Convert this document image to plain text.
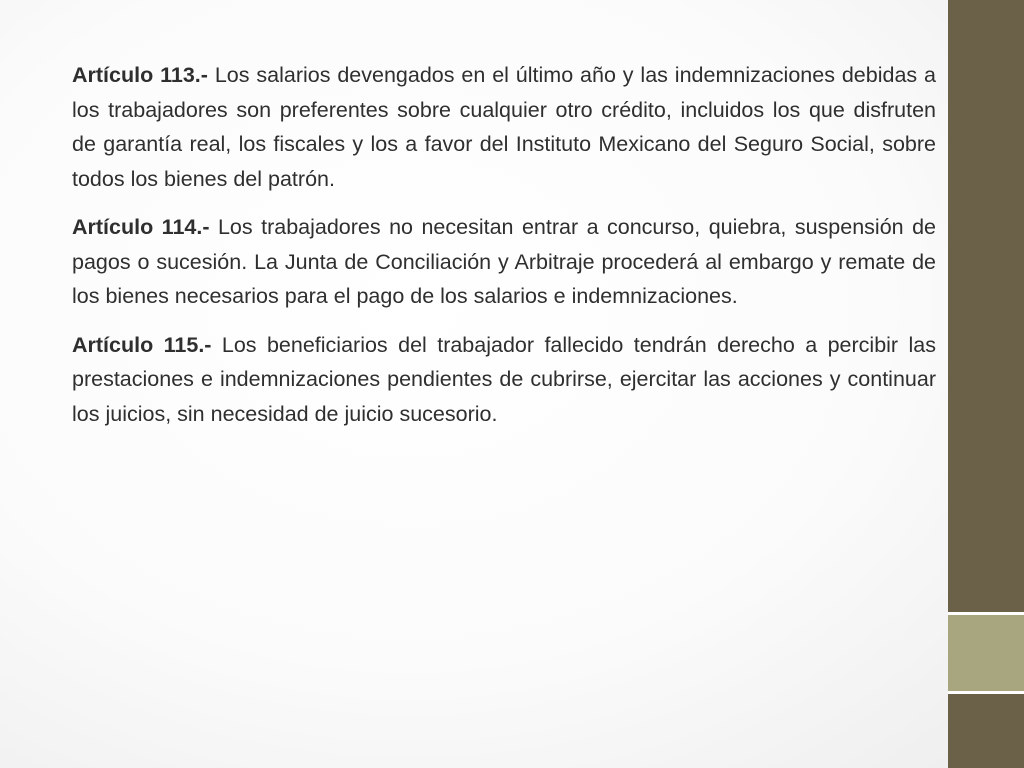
Artículo 113.- Los salarios devengados en el último año y las indemnizaciones debidas a los trabajadores son preferentes sobre cualquier otro crédito, incluidos los que disfruten de garantía real, los fiscales y los a favor del Instituto Mexicano del Seguro Social, sobre todos los bienes del patrón.

Artículo 114.- Los trabajadores no necesitan entrar a concurso, quiebra, suspensión de pagos o sucesión. La Junta de Conciliación y Arbitraje procederá al embargo y remate de los bienes necesarios para el pago de los salarios e indemnizaciones.

Artículo 115.- Los beneficiarios del trabajador fallecido tendrán derecho a percibir las prestaciones e indemnizaciones pendientes de cubrirse, ejercitar las acciones y continuar los juicios, sin necesidad de juicio sucesorio.
